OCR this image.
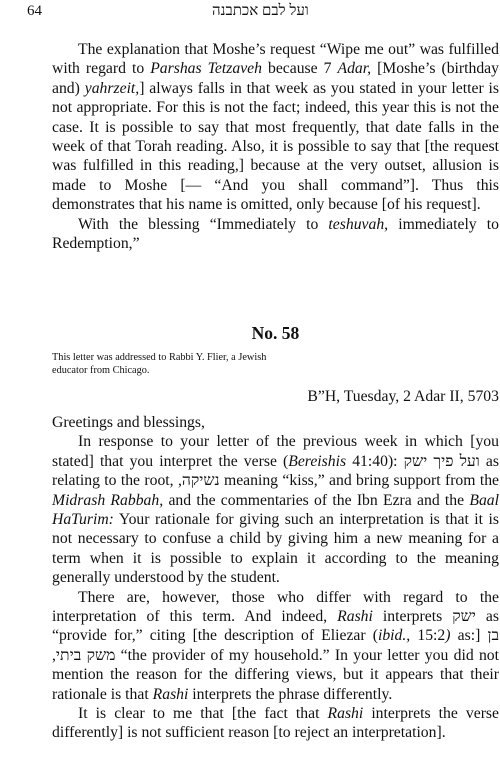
64	ועל לבם אכתבנה

The explanation that Moshe’s request “Wipe me out” was fulfilled with regard to Parshas Tetzaveh because 7 Adar, [Moshe’s (birthday and) yahrzeit,] always falls in that week as you stated in your letter is not appropriate. For this is not the fact; indeed, this year this is not the case. It is possible to say that most frequently, that date falls in the week of that Torah reading. Also, it is possible to say that [the request was fulfilled in this reading,] because at the very outset, allusion is made to Moshe [— “And you shall command”]. Thus this demonstrates that his name is omitted, only because [of his request].

With the blessing “Immediately to teshuvah, immediately to Redemption,”

No. 58
This letter was addressed to Rabbi Y. Flier, a Jewish educator from Chicago.
B”H, Tuesday, 2 Adar II, 5703

Greetings and blessings,

In response to your letter of the previous week in which [you stated] that you interpret the verse (Bereishis 41:40): ועל פיך ישק as relating to the root, נשיקה, meaning “kiss,” and bring support from the Midrash Rabbah, and the commentaries of the Ibn Ezra and the Baal HaTurim: Your rationale for giving such an interpretation is that it is not necessary to confuse a child by giving him a new meaning for a term when it is possible to explain it according to the meaning generally understood by the student.

There are, however, those who differ with regard to the interpretation of this term. And indeed, Rashi interprets ישק as “provide for,” citing [the description of Eliezar (ibid., 15:2) as:] בן משק ביתי, “the provider of my household.” In your letter you did not mention the reason for the differing views, but it appears that their rationale is that Rashi interprets the phrase differently.

It is clear to me that [the fact that Rashi interprets the verse differently] is not sufficient reason [to reject an interpretation].
